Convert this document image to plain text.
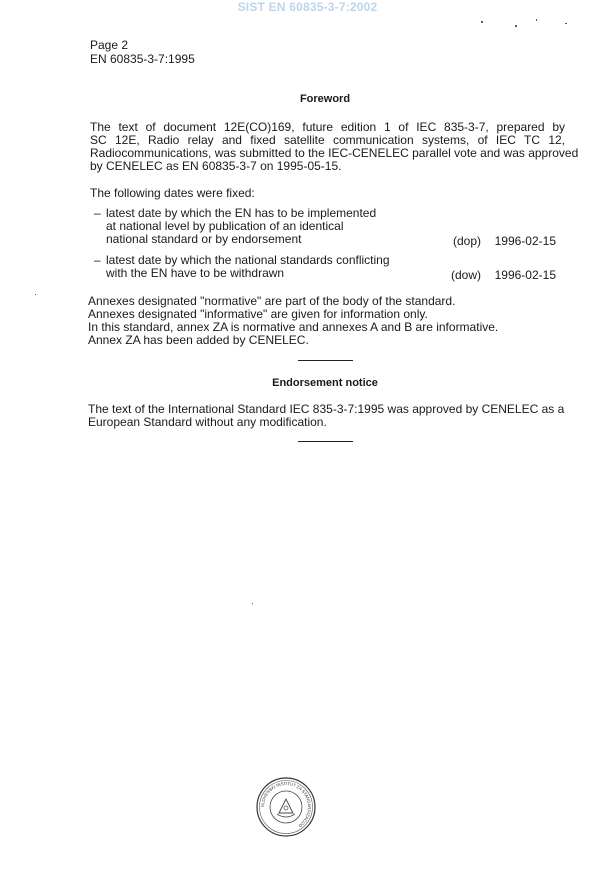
SIST EN 60835-3-7:2002
Page 2
EN 60835-3-7:1995
Foreword
The text of document 12E(CO)169, future edition 1 of IEC 835-3-7, prepared by
SC 12E, Radio relay and fixed satellite communication systems, of IEC TC 12,
Radiocommunications, was submitted to the IEC-CENELEC parallel vote and was approved
by CENELEC as EN 60835-3-7 on 1995-05-15.
The following dates were fixed:
– latest date by which the EN has to be implemented
at national level by publication of an identical
national standard or by endorsement	(dop) 1996-02-15
– latest date by which the national standards conflicting
with the EN have to be withdrawn	(dow) 1996-02-15
Annexes designated "normative" are part of the body of the standard.
Annexes designated "informative" are given for information only.
In this standard, annex ZA is normative and annexes A and B are informative.
Annex ZA has been added by CENELEC.
Endorsement notice
The text of the International Standard IEC 835-3-7:1995 was approved by CENELEC as a
European Standard without any modification.
SLOVENSKI INSTITUT ZA STANDARDIZACIJO
